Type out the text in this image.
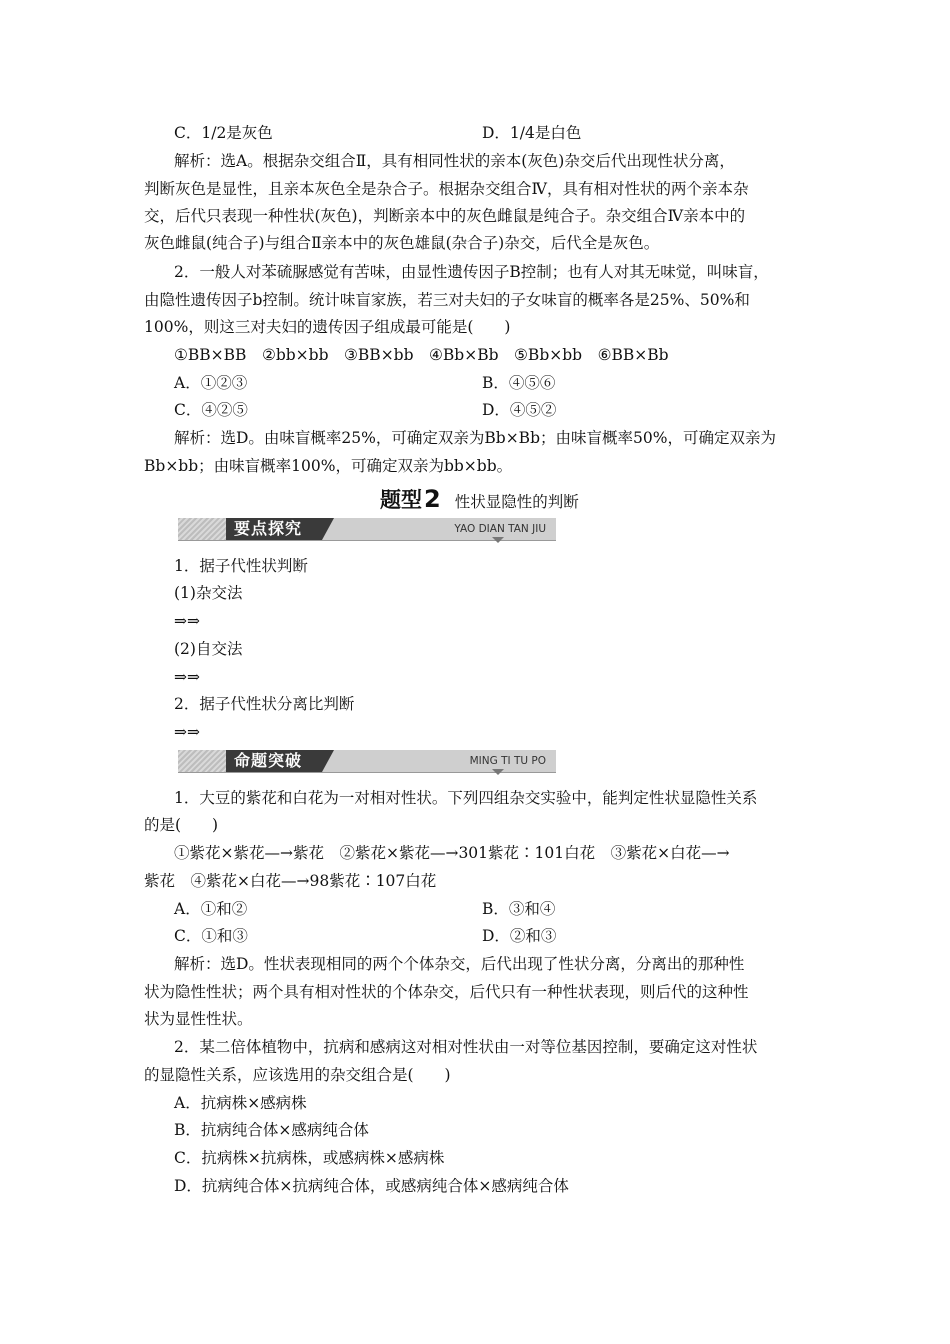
C．1/2是灰色	D．1/4是白色
解析：选A。根据杂交组合Ⅱ，具有相同性状的亲本(灰色)杂交后代出现性状分离，
判断灰色是显性，且亲本灰色全是杂合子。根据杂交组合Ⅳ，具有相对性状的两个亲本杂
交，后代只表现一种性状(灰色)，判断亲本中的灰色雌鼠是纯合子。杂交组合Ⅳ亲本中的
灰色雌鼠(纯合子)与组合Ⅱ亲本中的灰色雄鼠(杂合子)杂交，后代全是灰色。
2．一般人对苯硫脲感觉有苦味，由显性遗传因子B控制；也有人对其无味觉，叫味盲，
由隐性遗传因子b控制。统计味盲家族，若三对夫妇的子女味盲的概率各是25%、50%和
100%，则这三对夫妇的遗传因子组成最可能是(　　)
①BB×BB　②bb×bb　③BB×bb　④Bb×Bb　⑤Bb×bb　⑥BB×Bb
A．①②③	B．④⑤⑥
C．④②⑤	D．④⑤②
解析：选D。由味盲概率25%，可确定双亲为Bb×Bb；由味盲概率50%，可确定双亲为
Bb×bb；由味盲概率100%，可确定双亲为bb×bb。
题型2 性状显隐性的判断
要点探究	YAO DIAN TAN JIU
1．据子代性状判断
(1)杂交法
⇒⇒
(2)自交法
⇒⇒
2．据子代性状分离比判断
⇒⇒
命题突破	MING TI TU PO
1．大豆的紫花和白花为一对相对性状。下列四组杂交实验中，能判定性状显隐性关系
的是(　　)
①紫花×紫花—→紫花　②紫花×紫花—→301紫花∶101白花　③紫花×白花—→
紫花　④紫花×白花—→98紫花∶107白花
A．①和②	B．③和④
C．①和③	D．②和③
解析：选D。性状表现相同的两个个体杂交，后代出现了性状分离，分离出的那种性
状为隐性性状；两个具有相对性状的个体杂交，后代只有一种性状表现，则后代的这种性
状为显性性状。
2．某二倍体植物中，抗病和感病这对相对性状由一对等位基因控制，要确定这对性状
的显隐性关系，应该选用的杂交组合是(　　)
A．抗病株×感病株
B．抗病纯合体×感病纯合体
C．抗病株×抗病株，或感病株×感病株
D．抗病纯合体×抗病纯合体，或感病纯合体×感病纯合体
